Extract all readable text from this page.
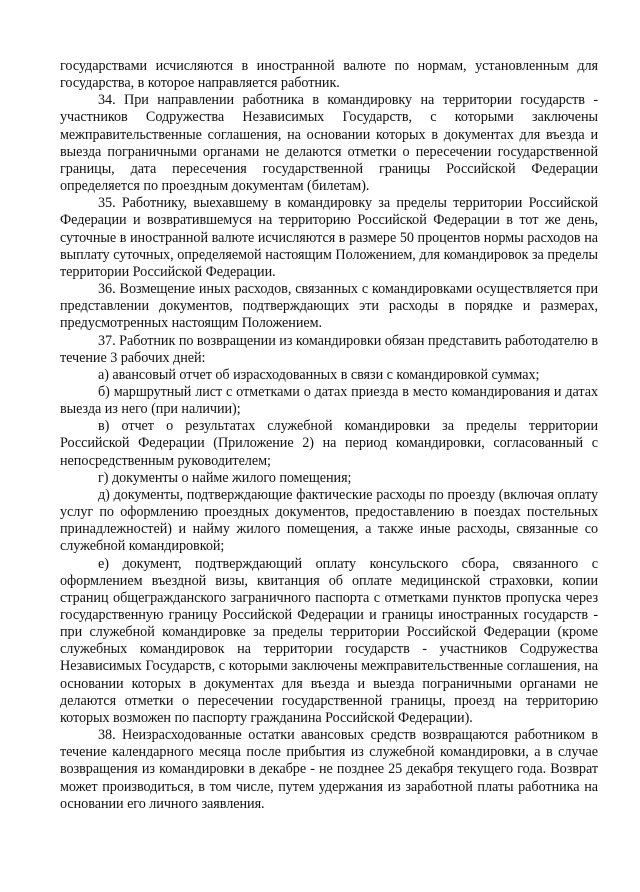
государствами исчисляются в иностранной валюте по нормам, установленным для государства, в которое направляется работник.

34. При направлении работника в командировку на территории государств - участников Содружества Независимых Государств, с которыми заключены межправительственные соглашения, на основании которых в документах для въезда и выезда пограничными органами не делаются отметки о пересечении государственной границы, дата пересечения государственной границы Российской Федерации определяется по проездным документам (билетам).

35. Работнику, выехавшему в командировку за пределы территории Российской Федерации и возвратившемуся на территорию Российской Федерации в тот же день, суточные в иностранной валюте исчисляются в размере 50 процентов нормы расходов на выплату суточных, определяемой настоящим Положением, для командировок за пределы территории Российской Федерации.

36. Возмещение иных расходов, связанных с командировками осуществляется при представлении документов, подтверждающих эти расходы в порядке и размерах, предусмотренных настоящим Положением.

37. Работник по возвращении из командировки обязан представить работодателю в течение 3 рабочих дней:

а) авансовый отчет об израсходованных в связи с командировкой суммах;

б) маршрутный лист с отметками о датах приезда в место командирования и датах выезда из него (при наличии);

в) отчет о результатах служебной командировки за пределы территории Российской Федерации (Приложение 2) на период командировки, согласованный с непосредственным руководителем;

г) документы о найме жилого помещения;

д) документы, подтверждающие фактические расходы по проезду (включая оплату услуг по оформлению проездных документов, предоставлению в поездах постельных принадлежностей) и найму жилого помещения, а также иные расходы, связанные со служебной командировкой;

е) документ, подтверждающий оплату консульского сбора, связанного с оформлением въездной визы, квитанция об оплате медицинской страховки, копии страниц общегражданского заграничного паспорта с отметками пунктов пропуска через государственную границу Российской Федерации и границы иностранных государств - при служебной командировке за пределы территории Российской Федерации (кроме служебных командировок на территории государств - участников Содружества Независимых Государств, с которыми заключены межправительственные соглашения, на основании которых в документах для въезда и выезда пограничными органами не делаются отметки о пересечении государственной границы, проезд на территорию которых возможен по паспорту гражданина Российской Федерации).

38. Неизрасходованные остатки авансовых средств возвращаются работником в течение календарного месяца после прибытия из служебной командировки, а в случае возвращения из командировки в декабре - не позднее 25 декабря текущего года. Возврат может производиться, в том числе, путем удержания из заработной платы работника на основании его личного заявления.
